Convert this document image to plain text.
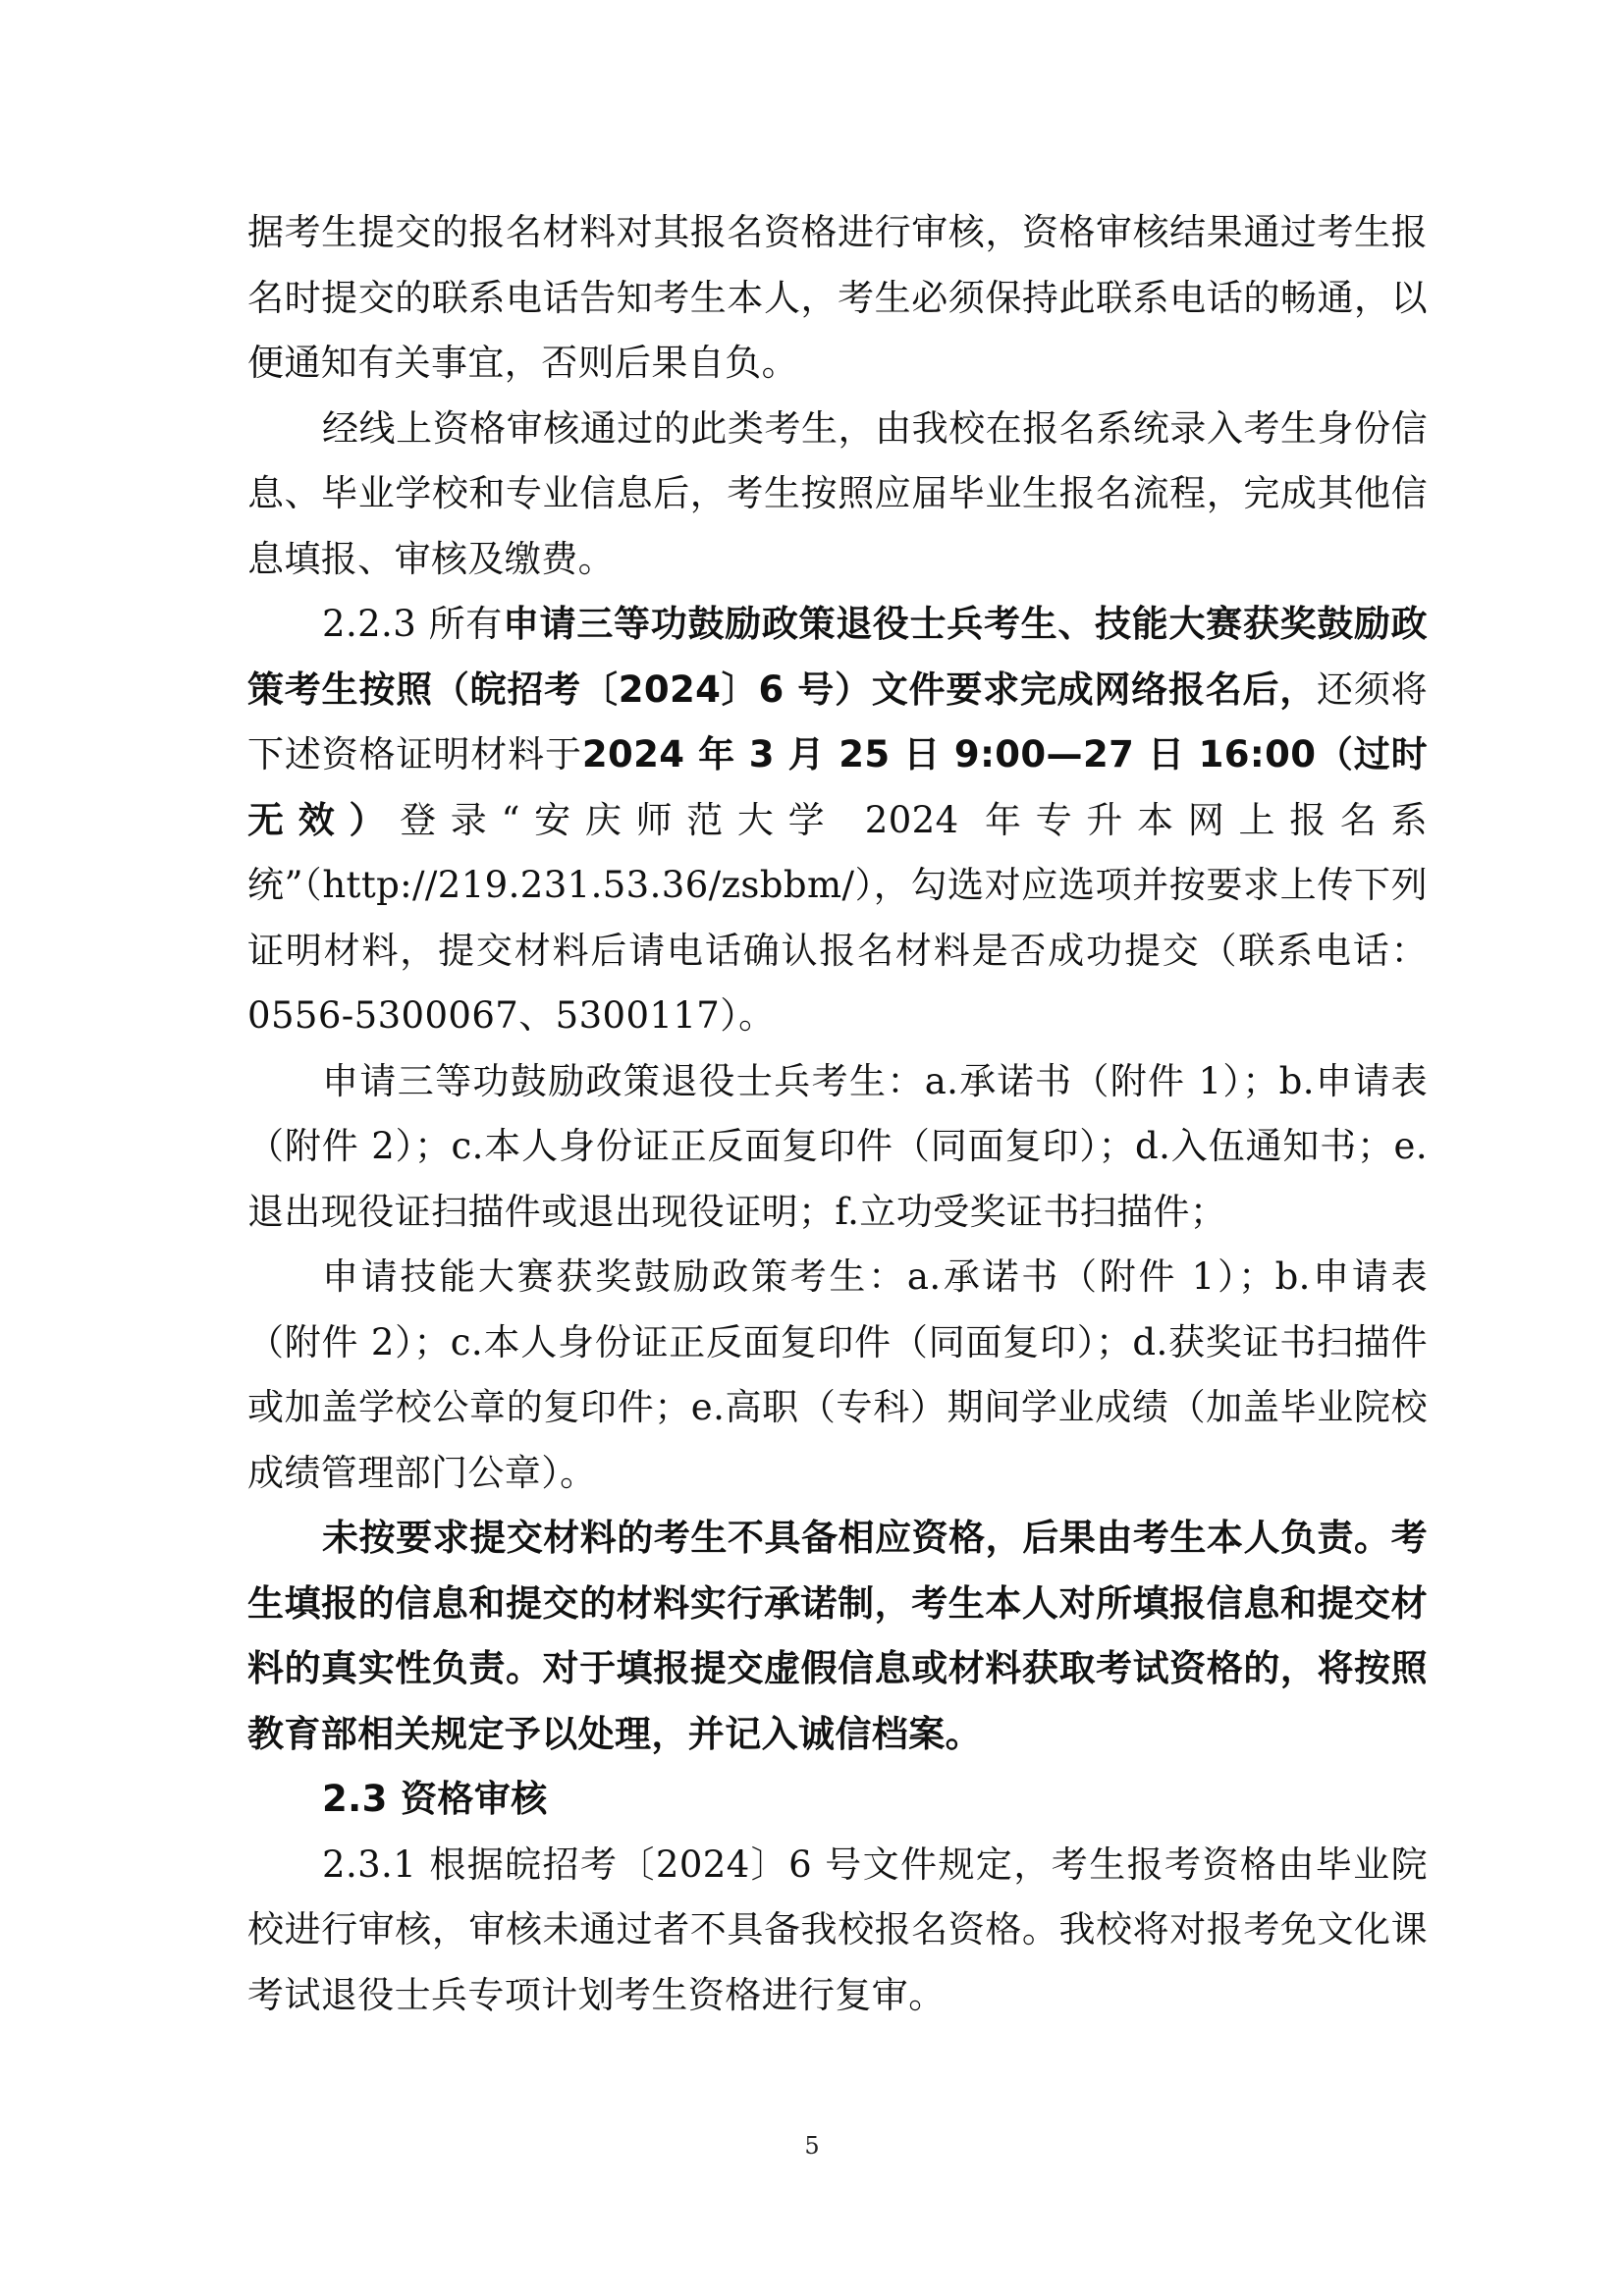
据考生提交的报名材料对其报名资格进行审核，资格审核结果通过考生报名时提交的联系电话告知考生本人，考生必须保持此联系电话的畅通，以便通知有关事宜，否则后果自负。

经线上资格审核通过的此类考生，由我校在报名系统录入考生身份信息、毕业学校和专业信息后，考生按照应届毕业生报名流程，完成其他信息填报、审核及缴费。

2.2.3 所有申请三等功鼓励政策退役士兵考生、技能大赛获奖鼓励政策考生按照（皖招考〔2024〕6 号）文件要求完成网络报名后，还须将下述资格证明材料于2024 年 3 月 25 日 9:00—27 日 16:00（过时无效）登录“安庆师范大学 2024 年专升本网上报名系统”（http://219.231.53.36/zsbbm/），勾选对应选项并按要求上传下列证明材料，提交材料后请电话确认报名材料是否成功提交（联系电话：0556-5300067、5300117）。

申请三等功鼓励政策退役士兵考生：a.承诺书（附件 1）；b.申请表（附件 2）；c.本人身份证正反面复印件（同面复印）；d.入伍通知书；e.退出现役证扫描件或退出现役证明；f.立功受奖证书扫描件；

申请技能大赛获奖鼓励政策考生：a.承诺书（附件 1）；b.申请表（附件 2）；c.本人身份证正反面复印件（同面复印）；d.获奖证书扫描件或加盖学校公章的复印件；e.高职（专科）期间学业成绩（加盖毕业院校成绩管理部门公章）。

未按要求提交材料的考生不具备相应资格，后果由考生本人负责。考生填报的信息和提交的材料实行承诺制，考生本人对所填报信息和提交材料的真实性负责。对于填报提交虚假信息或材料获取考试资格的，将按照教育部相关规定予以处理，并记入诚信档案。

2.3 资格审核

2.3.1 根据皖招考〔2024〕6 号文件规定，考生报考资格由毕业院校进行审核，审核未通过者不具备我校报名资格。我校将对报考免文化课考试退役士兵专项计划考生资格进行复审。

5
